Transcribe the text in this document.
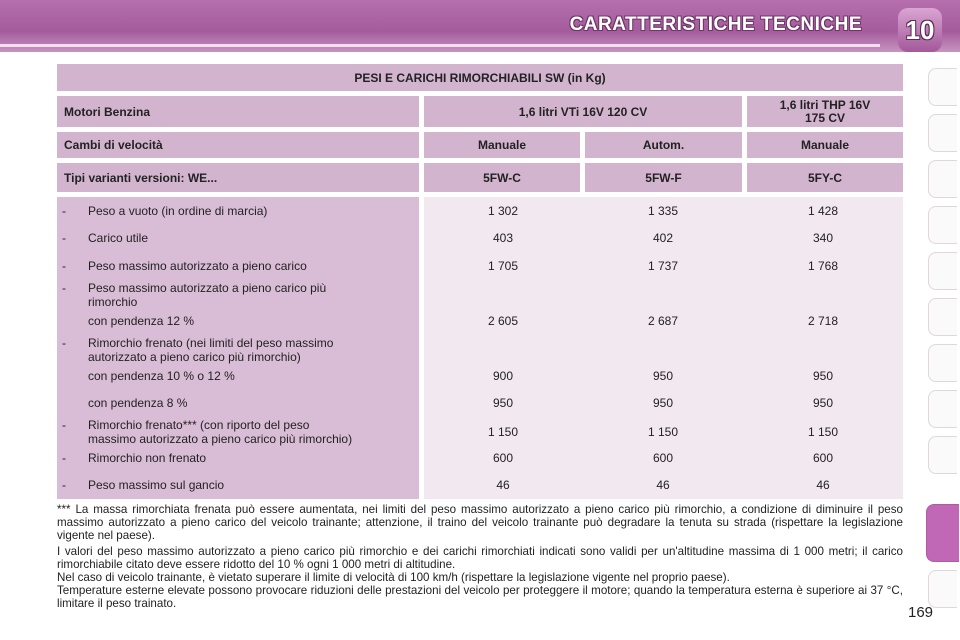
CARATTERISTICHE TECNICHE 10
PESI E CARICHI RIMORCHIABILI SW (in Kg)
Motori Benzina	1,6 litri VTi 16V 120 CV	1,6 litri THP 16V
175 CV
Cambi di velocità	Manuale	Autom.	Manuale
Tipi varianti versioni: WE...	5FW-C	5FW-F	5FY-C
- Peso a vuoto (in ordine di marcia)	1 302	1 335	1 428
- Carico utile	403	402	340
- Peso massimo autorizzato a pieno carico	1 705	1 737	1 768
- Peso massimo autorizzato a pieno carico più
rimorchio
con pendenza 12 %	2 605	2 687	2 718
- Rimorchio frenato (nei limiti del peso massimo
autorizzato a pieno carico più rimorchio)
con pendenza 10 % o 12 %	900	950	950
con pendenza 8 %	950	950	950
- Rimorchio frenato*** (con riporto del peso
massimo autorizzato a pieno carico più rimorchio)	1 150	1 150	1 150
- Rimorchio non frenato	600	600	600
- Peso massimo sul gancio	46	46	46
*** La massa rimorchiata frenata può essere aumentata, nei limiti del peso massimo autorizzato a pieno carico più rimorchio, a condizione di diminuire il peso massimo autorizzato a pieno carico del veicolo trainante; attenzione, il traino del veicolo trainante può degradare la tenuta su strada (rispettare la legislazione vigente nel paese).
I valori del peso massimo autorizzato a pieno carico più rimorchio e dei carichi rimorchiati indicati sono validi per un'altitudine massima di 1 000 metri; il carico rimorchiabile citato deve essere ridotto del 10 % ogni 1 000 metri di altitudine.
Nel caso di veicolo trainante, è vietato superare il limite di velocità di 100 km/h (rispettare la legislazione vigente nel proprio paese).
Temperature esterne elevate possono provocare riduzioni delle prestazioni del veicolo per proteggere il motore; quando la temperatura esterna è superiore ai 37 °C, limitare il peso trainato.
169
